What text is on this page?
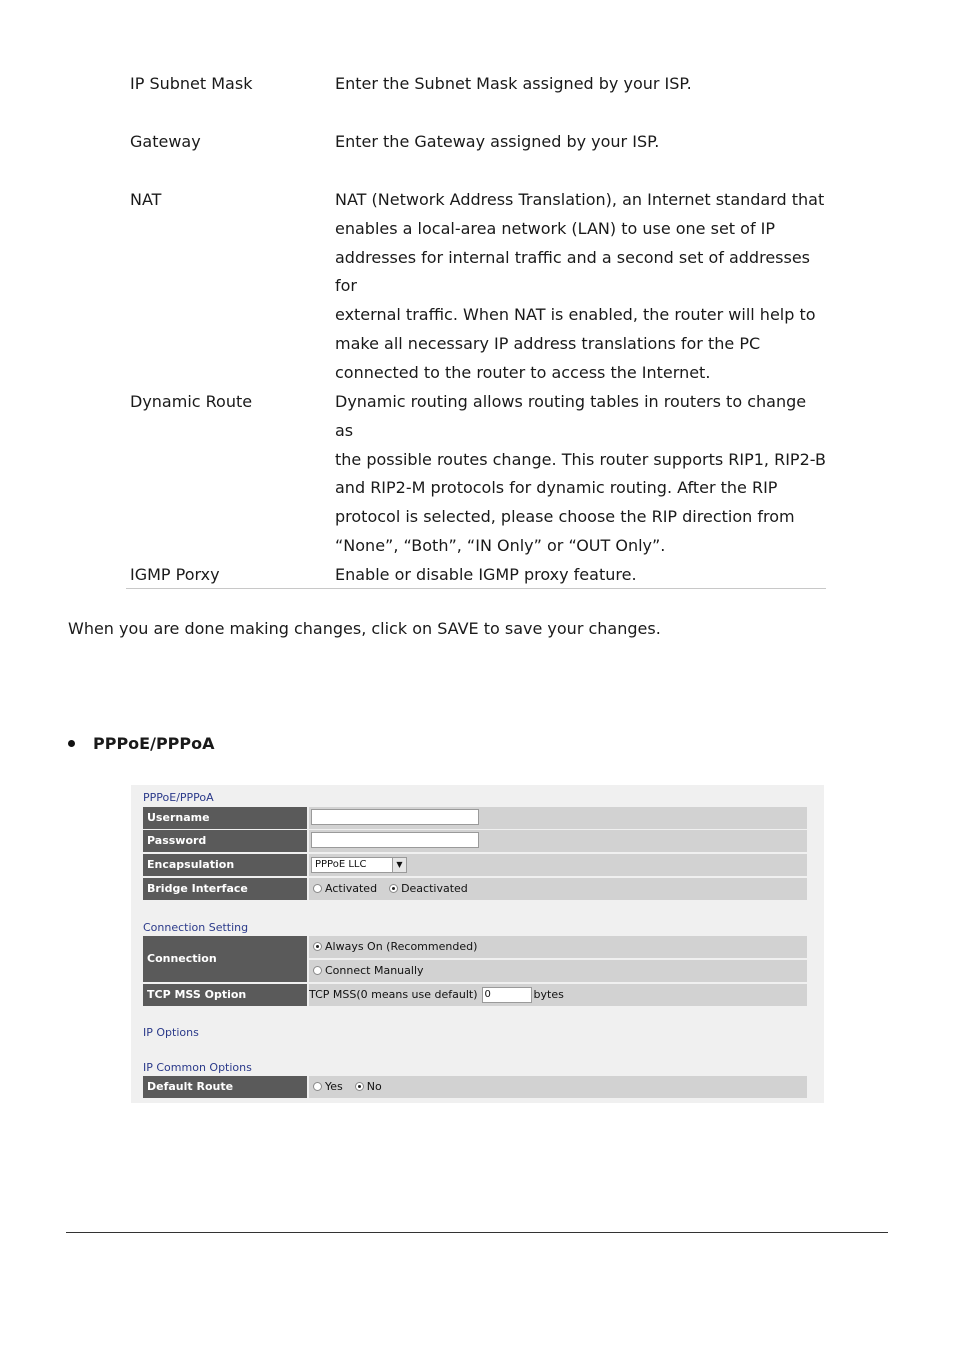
IP Subnet Mask	Enter the Subnet Mask assigned by your ISP.
Gateway	Enter the Gateway assigned by your ISP.
NAT	NAT (Network Address Translation), an Internet standard that
enables a local-area network (LAN) to use one set of IP
addresses for internal traffic and a second set of addresses for
external traffic. When NAT is enabled, the router will help to
make all necessary IP address translations for the PC
connected to the router to access the Internet.
Dynamic Route	Dynamic routing allows routing tables in routers to change as
the possible routes change. This router supports RIP1, RIP2-B
and RIP2-M protocols for dynamic routing. After the RIP
protocol is selected, please choose the RIP direction from
“None”, “Both”, “IN Only” or “OUT Only”.
IGMP Porxy	Enable or disable IGMP proxy feature.
When you are done making changes, click on SAVE to save your changes.
PPPoE/PPPoA
PPPoE/PPPoA
Username
Password
Encapsulation	PPPoE LLC	▼
Bridge Interface	Activated Deactivated
Connection Setting
Connection
Always On (Recommended)
Connect Manually
TCP MSS Option	TCP MSS(0 means use default) 0	bytes
IP Options
IP Common Options
Default Route	Yes No
